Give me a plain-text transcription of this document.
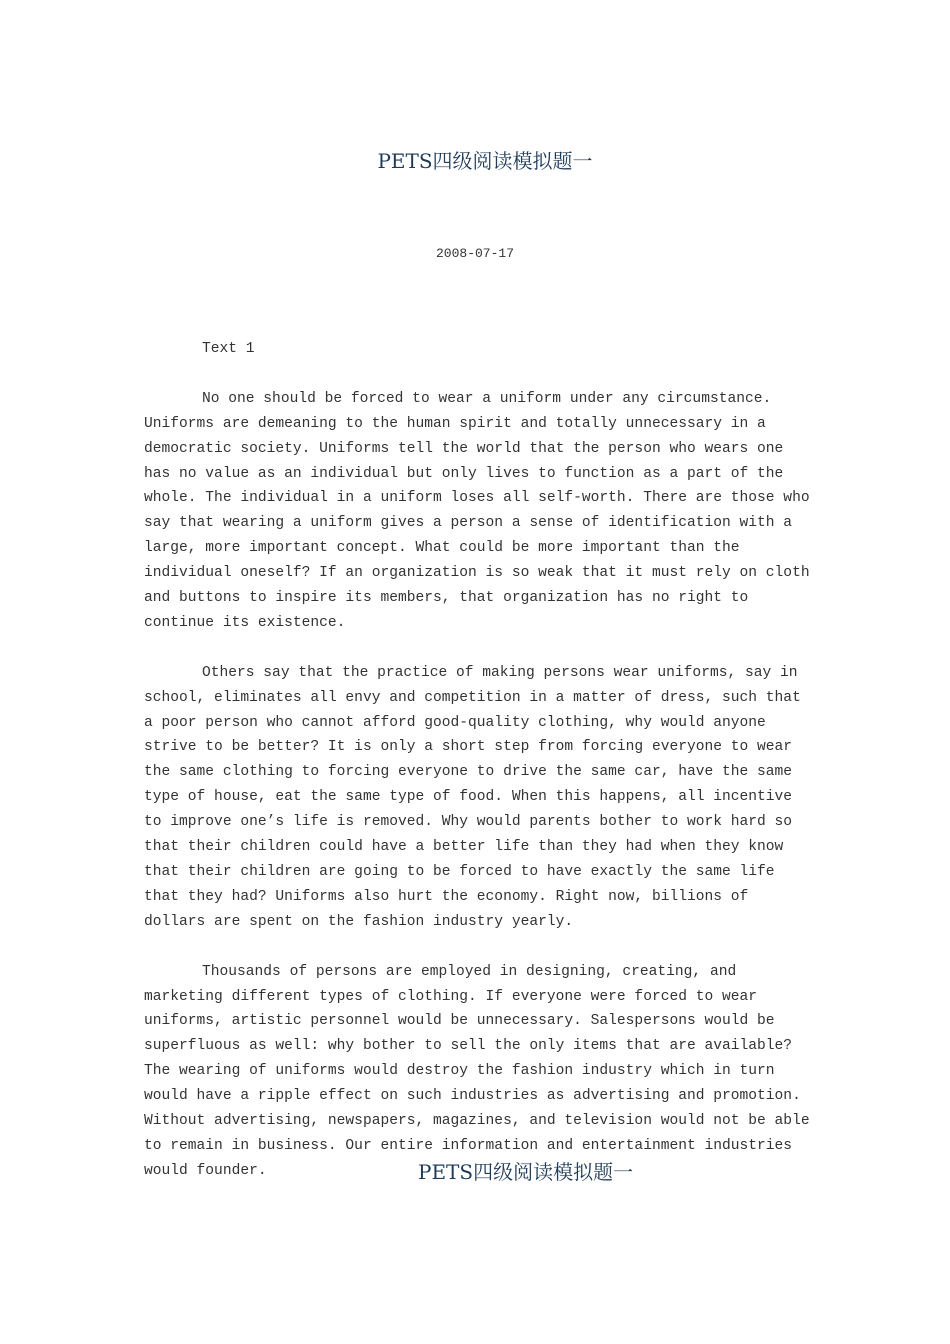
PETS四级阅读模拟题一
2008-07-17

Text 1

No one should be forced to wear a uniform under any circumstance. Uniforms are demeaning to the human spirit and totally unnecessary in a democratic society. Uniforms tell the world that the person who wears one has no value as an individual but only lives to function as a part of the whole. The individual in a uniform loses all self-worth. There are those who say that wearing a uniform gives a person a sense of identification with a large, more important concept. What could be more important than the individual oneself? If an organization is so weak that it must rely on cloth and buttons to inspire its members, that organization has no right to continue its existence.

Others say that the practice of making persons wear uniforms, say in school, eliminates all envy and competition in a matter of dress, such that a poor person who cannot afford good-quality clothing, why would anyone strive to be better? It is only a short step from forcing everyone to wear the same clothing to forcing everyone to drive the same car, have the same type of house, eat the same type of food. When this happens, all incentive to improve one’s life is removed. Why would parents bother to work hard so that their children could have a better life than they had when they know that their children are going to be forced to have exactly the same life that they had? Uniforms also hurt the economy. Right now, billions of dollars are spent on the fashion industry yearly.

Thousands of persons are employed in designing, creating, and marketing different types of clothing. If everyone were forced to wear uniforms, artistic personnel would be unnecessary. Salespersons would be superfluous as well: why bother to sell the only items that are available? The wearing of uniforms would destroy the fashion industry which in turn would have a ripple effect on such industries as advertising and promotion. Without advertising, newspapers, magazines, and television would not be able to remain in business. Our entire information and entertainment industries would founder.	PETS四级阅读模拟题一
